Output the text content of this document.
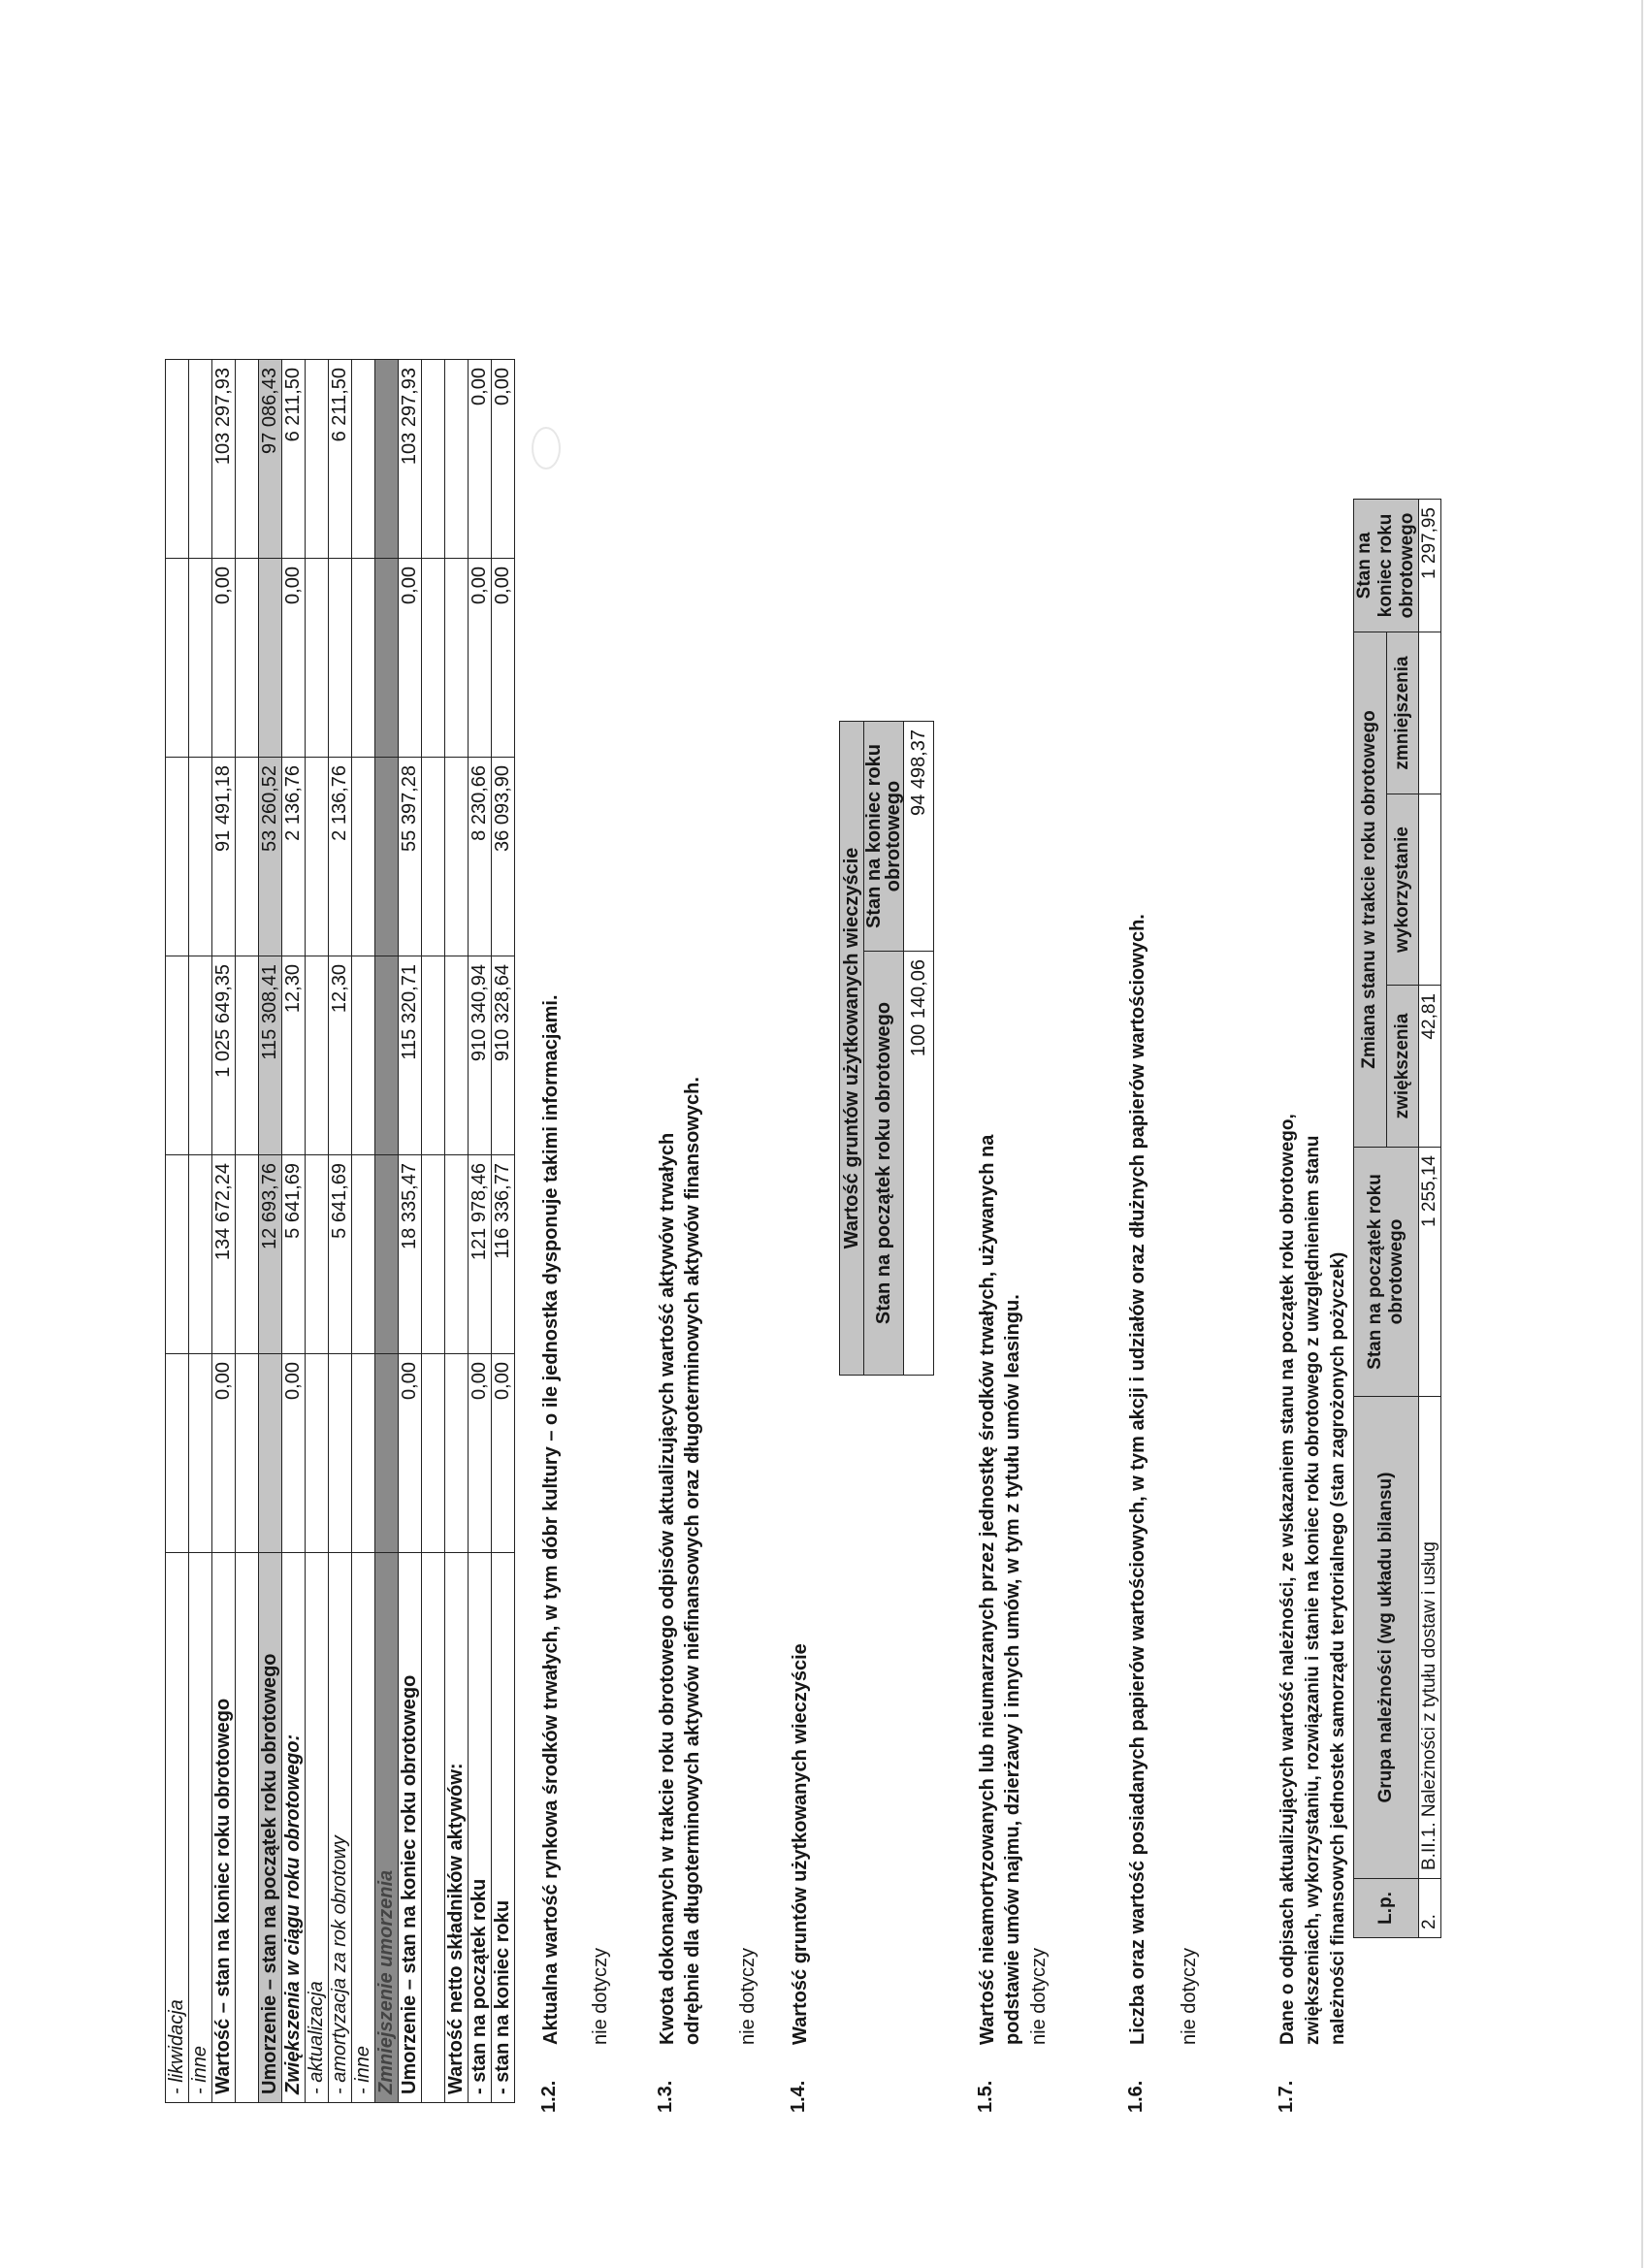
- likwidacja						
- inne						
Wartość – stan na koniec roku obrotowego	0,00	134 672,24	1 025 649,35	91 491,18	0,00	103 297,93

Umorzenie – stan na początek roku obrotowego		12 693,76	115 308,41	53 260,52		97 086,43
Zwiększenia w ciągu roku obrotowego:	0,00	5 641,69	12,30	2 136,76	0,00	6 211,50
- aktualizacja						
- amortyzacja za rok obrotowy		5 641,69	12,30	2 136,76		6 211,50
- inne						
Zmniejszenie umorzenia						
Umorzenie – stan na koniec roku obrotowego	0,00	18 335,47	115 320,71	55 397,28	0,00	103 297,93

Wartość netto składników aktywów:						
- stan na początek roku	0,00	121 978,46	910 340,94	8 230,66	0,00	0,00
- stan na koniec roku	0,00	116 336,77	910 328,64	36 093,90	0,00	0,00
1.2.
Aktualna wartość rynkowa środków trwałych, w tym dóbr kultury – o ile jednostka dysponuje takimi informacjami. nie dotyczy
1.3.
Kwota dokonanych w trakcie roku obrotowego odpisów aktualizujących wartość aktywów trwałych odrębnie dla długoterminowych aktywów niefinansowych oraz długoterminowych aktywów finansowych. nie dotyczy
1.4.
Wartość gruntów użytkowanych wieczyście
Wartość gruntów użytkowanych wieczyście	
Stan na początek roku obrotowego	Stan na koniec roku obrotowego
100 140,06	94 498,37
1.5.
Wartość nieamortyzowanych lub nieumarzanych przez jednostkę środków trwałych, używanych na podstawie umów najmu, dzierżawy i innych umów, w tym z tytułu umów leasingu. nie dotyczy
1.6.
Liczba oraz wartość posiadanych papierów wartościowych, w tym akcji i udziałów oraz dłużnych papierów wartościowych. nie dotyczy
1.7.
Dane o odpisach aktualizujących wartość należności, ze wskazaniem stanu na początek roku obrotowego, zwiększeniach, wykorzystaniu, rozwiązaniu i stanie na koniec roku obrotowego z uwzględnieniem stanu należności finansowych jednostek samorządu terytorialnego (stan zagrożonych pożyczek) L.p.	Grupa należności (wg układu bilansu)	Stan na początek roku obrotowego	Zmiana stanu w trakcie roku obrotowego			Stan na koniec roku obrotowego
			zwiększenia	wykorzystanie	zmniejszenia	
2.	B.II.1. Należności z tytułu dostaw i usług	1 255,14	42,81			1 297,95
